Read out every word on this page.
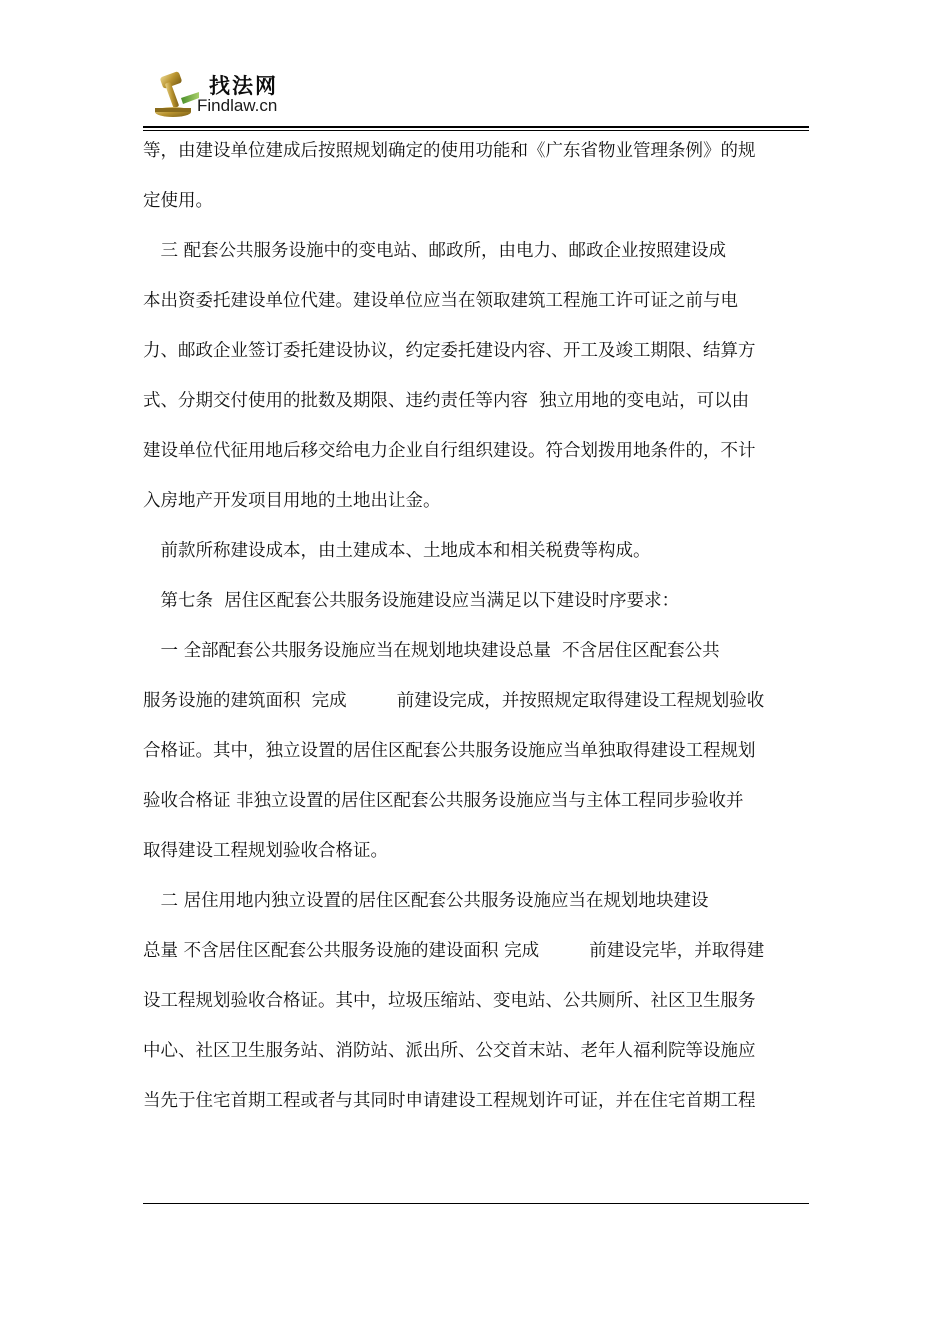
找法网
Findlaw.cn
等，由建设单位建成后按照规划确定的使用功能和《广东省物业管理条例》的规
定使用。
　三 配套公共服务设施中的变电站、邮政所，由电力、邮政企业按照建设成
本出资委托建设单位代建。建设单位应当在领取建筑工程施工许可证之前与电
力、邮政企业签订委托建设协议，约定委托建设内容、开工及竣工期限、结算方
式、分期交付使用的批数及期限、违约责任等内容  独立用地的变电站，可以由
建设单位代征用地后移交给电力企业自行组织建设。符合划拨用地条件的，不计
入房地产开发项目用地的土地出让金。
　前款所称建设成本，由土建成本、土地成本和相关税费等构成。
　第七条  居住区配套公共服务设施建设应当满足以下建设时序要求：
　一 全部配套公共服务设施应当在规划地块建设总量  不含居住区配套公共
服务设施的建筑面积  完成         前建设完成，并按照规定取得建设工程规划验收
合格证。其中，独立设置的居住区配套公共服务设施应当单独取得建设工程规划
验收合格证 非独立设置的居住区配套公共服务设施应当与主体工程同步验收并
取得建设工程规划验收合格证。
　二 居住用地内独立设置的居住区配套公共服务设施应当在规划地块建设
总量 不含居住区配套公共服务设施的建设面积 完成         前建设完毕，并取得建
设工程规划验收合格证。其中，垃圾压缩站、变电站、公共厕所、社区卫生服务
中心、社区卫生服务站、消防站、派出所、公交首末站、老年人福利院等设施应
当先于住宅首期工程或者与其同时申请建设工程规划许可证，并在住宅首期工程
